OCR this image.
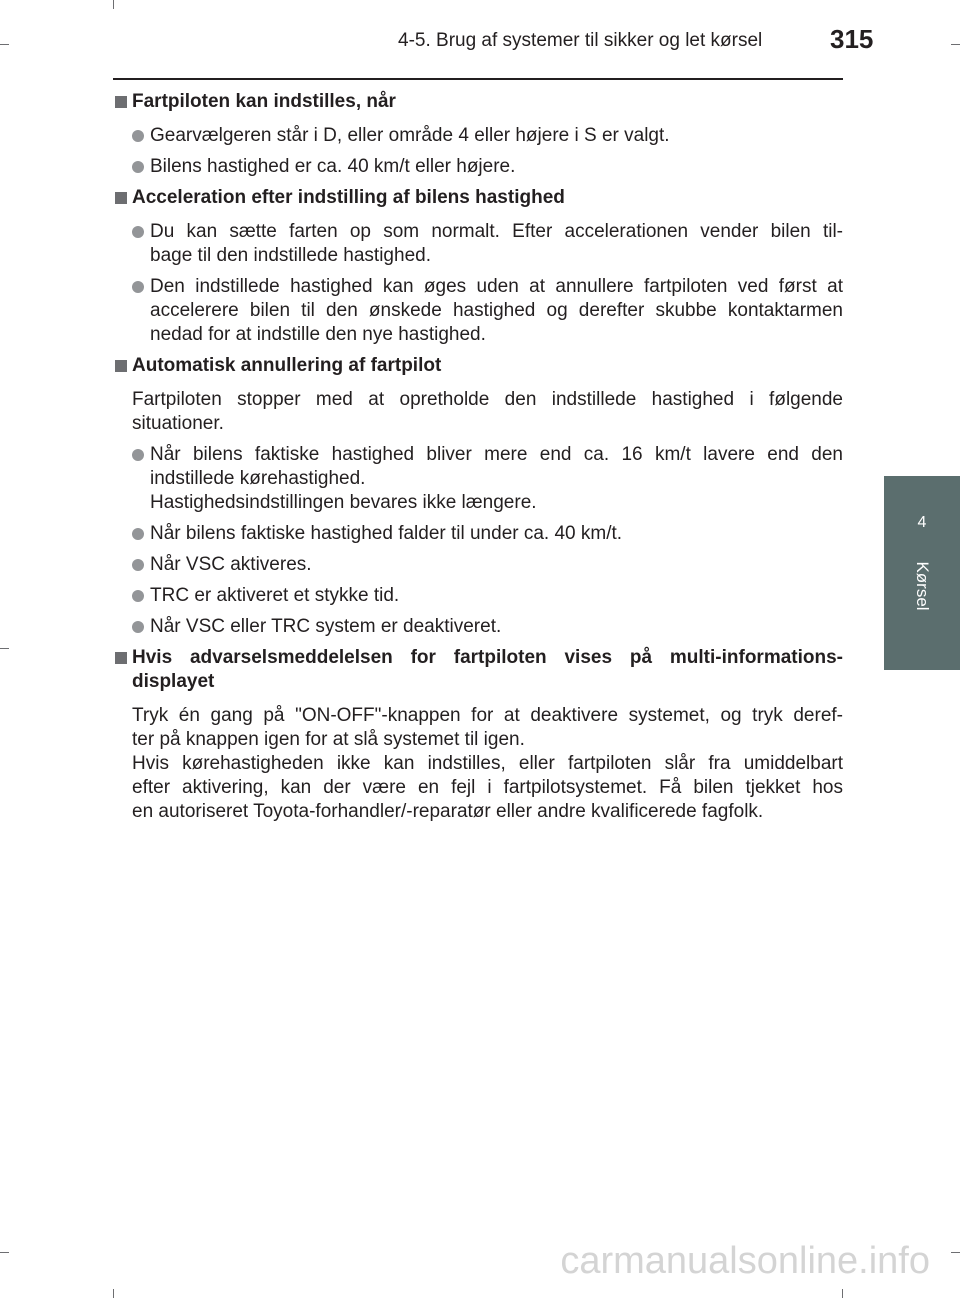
4-5. Brug af systemer til sikker og let kørsel	315
4
Kørsel
Fartpiloten kan indstilles, når
Gearvælgeren står i D, eller område 4 eller højere i S er valgt.
Bilens hastighed er ca. 40 km/t eller højere.
Acceleration efter indstilling af bilens hastighed
Du kan sætte farten op som normalt. Efter accelerationen vender bilen til-
bage til den indstillede hastighed.
Den indstillede hastighed kan øges uden at annullere fartpiloten ved først at
accelerere bilen til den ønskede hastighed og derefter skubbe kontaktarmen
nedad for at indstille den nye hastighed.
Automatisk annullering af fartpilot
Fartpiloten stopper med at opretholde den indstillede hastighed i følgende
situationer.
Når bilens faktiske hastighed bliver mere end ca. 16 km/t lavere end den
indstillede kørehastighed.
Hastighedsindstillingen bevares ikke længere.
Når bilens faktiske hastighed falder til under ca. 40 km/t.
Når VSC aktiveres.
TRC er aktiveret et stykke tid.
Når VSC eller TRC system er deaktiveret.
Hvis advarselsmeddelelsen for fartpiloten vises på multi-informations-
displayet
Tryk én gang på "ON-OFF"-knappen for at deaktivere systemet, og tryk deref-
ter på knappen igen for at slå systemet til igen.
Hvis kørehastigheden ikke kan indstilles, eller fartpiloten slår fra umiddelbart
efter aktivering, kan der være en fejl i fartpilotsystemet. Få bilen tjekket hos
en autoriseret Toyota-forhandler/-reparatør eller andre kvalificerede fagfolk.
carmanualsonline.info
